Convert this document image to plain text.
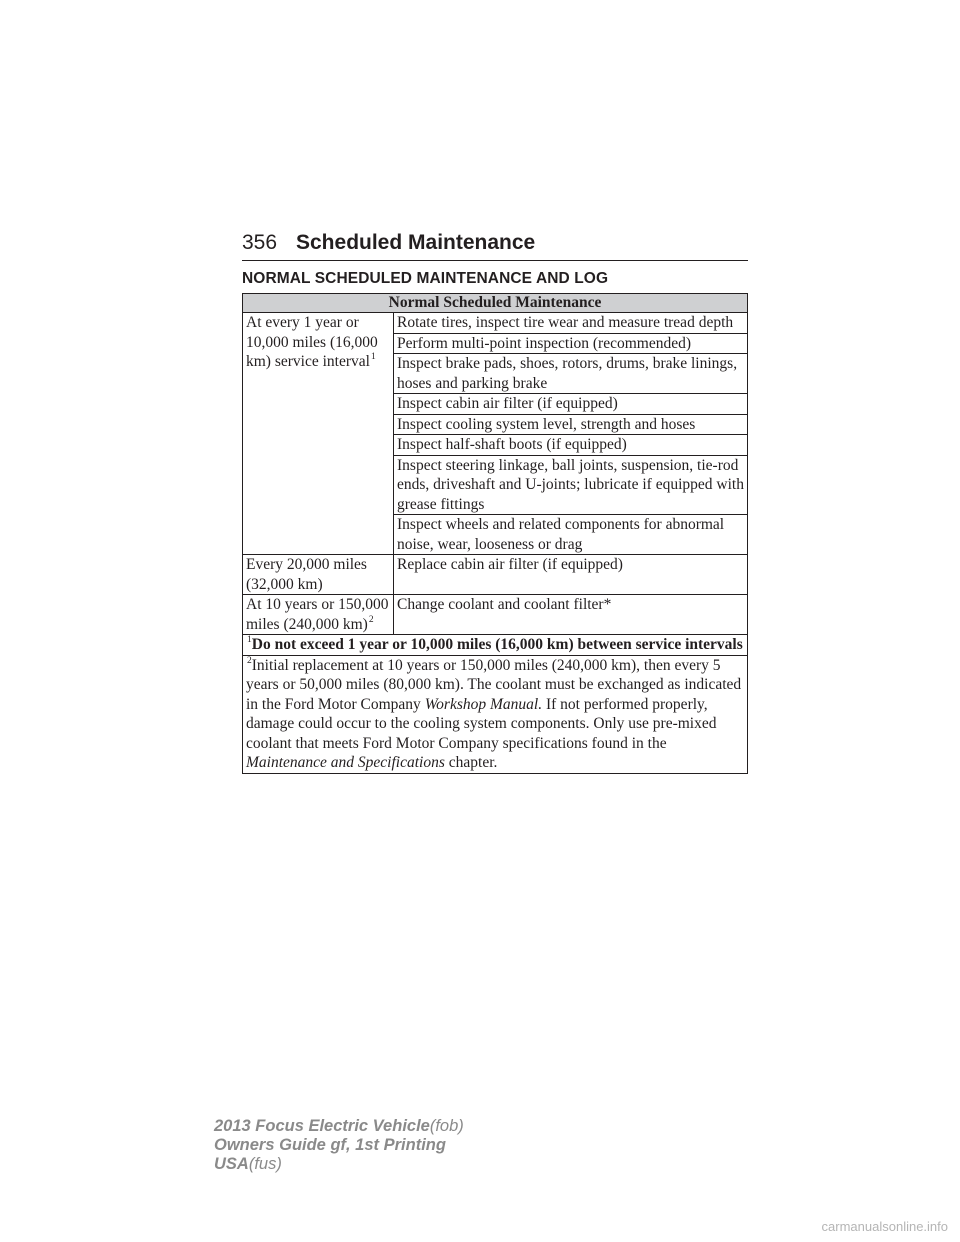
356 Scheduled Maintenance
NORMAL SCHEDULED MAINTENANCE AND LOG
Normal Scheduled Maintenance	
At every 1 year or 10,000 miles (16,000 km) service interval$^1$	Rotate tires, inspect tire wear and measure tread depth
	Perform multi-point inspection (recommended)
	Inspect brake pads, shoes, rotors, drums, brake linings, hoses and parking brake
	Inspect cabin air filter (if equipped)
	Inspect cooling system level, strength and hoses
	Inspect half-shaft boots (if equipped)
	Inspect steering linkage, ball joints, suspension, tie-rod ends, driveshaft and U-joints; lubricate if equipped with grease fittings
	Inspect wheels and related components for abnormal noise, wear, looseness or drag
Every 20,000 miles (32,000 km)	Replace cabin air filter (if equipped)
At 10 years or 150,000 miles (240,000 km)$^2$	Change coolant and coolant filter*
$^1$Do not exceed 1 year or 10,000 miles (16,000 km) between service intervals	
$^2$Initial replacement at 10 years or 150,000 miles (240,000 km), then every 5 years or 50,000 miles (80,000 km). The coolant must be exchanged as indicated in the Ford Motor Company Workshop Manual. If not performed properly, damage could occur to the cooling system components. Only use pre-mixed coolant that meets Ford Motor Company specifications found in the Maintenance and Specifications chapter.	
2013 Focus Electric Vehicle(fob)
Owners Guide gf, 1st Printing
USA(fus)
carmanualsonline.info
